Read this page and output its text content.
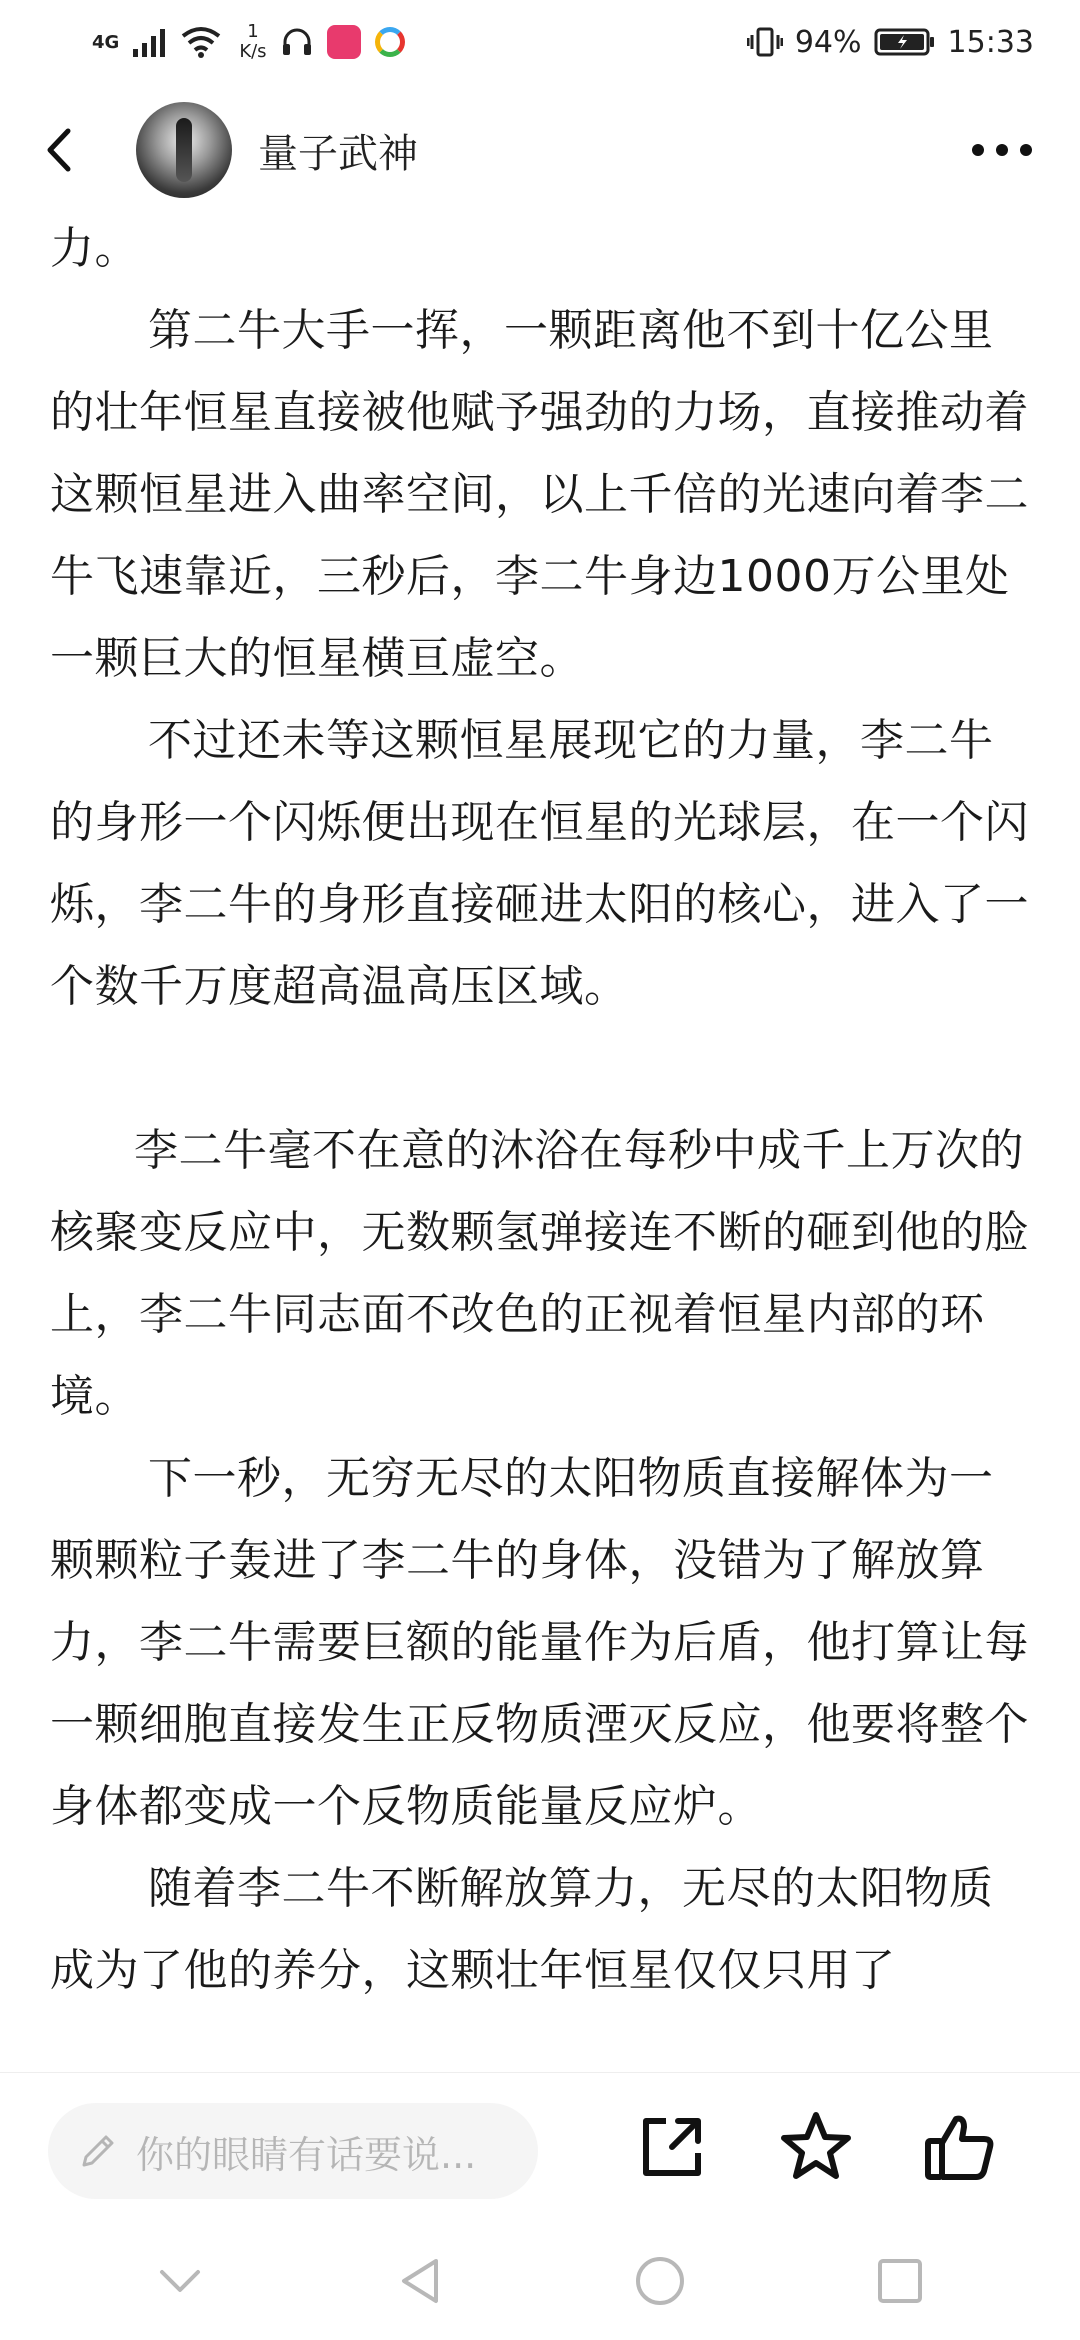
4G	1
K/s	94%	15:33
量子武神

力。

第二牛大手一挥，一颗距离他不到十亿公里的壮年恒星直接被他赋予强劲的力场，直接推动着这颗恒星进入曲率空间，以上千倍的光速向着李二牛飞速靠近，三秒后，李二牛身边1000万公里处一颗巨大的恒星横亘虚空。

不过还未等这颗恒星展现它的力量，李二牛的身形一个闪烁便出现在恒星的光球层，在一个闪烁，李二牛的身形直接砸进太阳的核心，进入了一个数千万度超高温高压区域。

李二牛毫不在意的沐浴在每秒中成千上万次的核聚变反应中，无数颗氢弹接连不断的砸到他的脸上，李二牛同志面不改色的正视着恒星内部的环境。

下一秒，无穷无尽的太阳物质直接解体为一颗颗粒子轰进了李二牛的身体，没错为了解放算力，李二牛需要巨额的能量作为后盾，他打算让每一颗细胞直接发生正反物质湮灭反应，他要将整个身体都变成一个反物质能量反应炉。

随着李二牛不断解放算力，无尽的太阳物质成为了他的养分，这颗壮年恒星仅仅只用了

你的眼睛有话要说...
